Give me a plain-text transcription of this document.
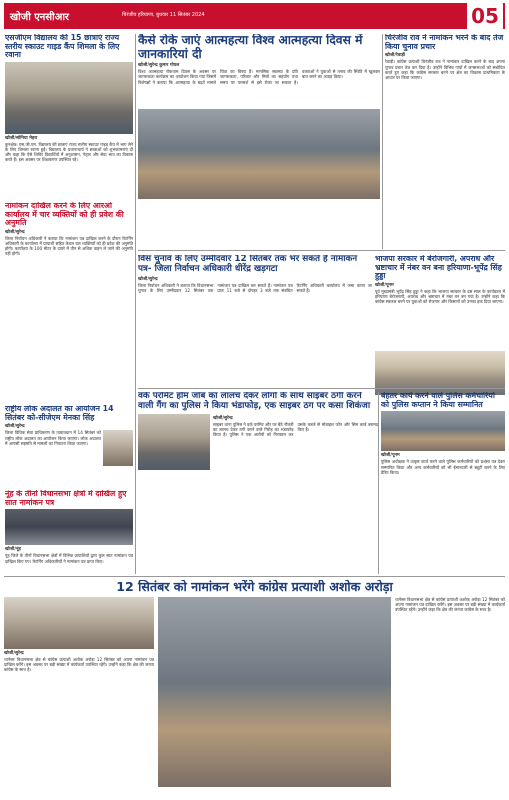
खोजी एनसीआर	चिरंजीव हरियाणा, बुधवार 11 सितंबर 2024	05
एसजीएम विद्यालय की 15 छात्राएं राज्य स्तरीय स्काउट गाइड कैंप शिमला के लिए रवाना
खोजी/सोनिया मेहरा
कुरुक्षेत्र। एस.जी.एम. विद्यालय की छात्राएं राज्य स्तरीय स्काउट गाइड कैंप में भाग लेने के लिए शिमला रवाना हुईं। विद्यालय के प्रधानाचार्य ने छात्राओं को शुभकामनाएं दीं और कहा कि ऐसे शिविर विद्यार्थियों में अनुशासन, नेतृत्व और सेवा भाव का विकास करते हैं। इस अवसर पर शिक्षकगण उपस्थित रहे।
नामांकन दाखिल करने के लिए आरओ कार्यालय में चार व्यक्तियों को ही प्रवेश की अनुमति
खोजी/सुरेन्द्र
जिला निर्वाचन अधिकारी ने बताया कि नामांकन पत्र दाखिल करने के दौरान रिटर्निंग अधिकारी के कार्यालय में प्रत्याशी सहित केवल चार व्यक्तियों को ही प्रवेश की अनुमति होगी। कार्यालय के 100 मीटर के दायरे में तीन से अधिक वाहन ले जाने की अनुमति नहीं होगी।
राष्ट्रीय लोक अदालत का आयोजन 14 सितंबर को-सीजेएम मेनका सिंह
खोजी/सुरेन्द्र
जिला विधिक सेवा प्राधिकरण के तत्वावधान में 14 सितंबर को राष्ट्रीय लोक अदालत का आयोजन किया जाएगा। लोक अदालत में आपसी सहमति से मामलों का निपटारा किया जाएगा।
नूंह के तीनों विधानसभा क्षेत्रों में दाखिल हुए सात नामांकन पत्र
खोजी/नूंह
नूंह जिले के तीनों विधानसभा क्षेत्रों में विभिन्न प्रत्याशियों द्वारा कुल सात नामांकन पत्र दाखिल किए गए। रिटर्निंग अधिकारियों ने नामांकन पत्र प्राप्त किए।
कैसे रोके जाएं आत्महत्या विश्व आत्महत्या दिवस में जानकारियां दी
खोजी/सुरेन्द्र कुमार गोयल
विश्व आत्महत्या रोकथाम दिवस के अवसर पर जागरूकता कार्यक्रम का आयोजन किया गया जिसमें विशेषज्ञों ने बताया कि आत्महत्या के बढ़ते मामले चिंता का विषय हैं। मानसिक स्वास्थ्य के प्रति जागरूकता, परिवार और मित्रों का सहयोग तथा समय पर परामर्श से इसे रोका जा सकता है। वक्ताओं ने युवाओं से तनाव की स्थिति में खुलकर बात करने का आग्रह किया।
विस चुनाव के लिए उम्मीदवार 12 सितंबर तक भर सकते हैं नामांकन पत्र- जिला निर्वाचन अधिकारी धीरेंद्र खड़गटा
खोजी/सुरेन्द्र
जिला निर्वाचन अधिकारी ने बताया कि विधानसभा चुनाव के लिए उम्मीदवार 12 सितंबर तक नामांकन पत्र दाखिल कर सकते हैं। नामांकन पत्र प्रातः 11 बजे से दोपहर 3 बजे तक संबंधित रिटर्निंग अधिकारी कार्यालय में जमा कराए जा सकते हैं।
चिरंजीव राव ने नामांकन भरने के बाद तेज किया चुनाव प्रचार
खोजी/रेवाड़ी
रेवाड़ी। कांग्रेस प्रत्याशी चिरंजीव राव ने नामांकन दाखिल करने के बाद अपना चुनाव प्रचार तेज कर दिया है। उन्होंने विभिन्न गांवों में जनसभाओं को संबोधित करते हुए कहा कि कांग्रेस सरकार बनने पर क्षेत्र का विकास प्राथमिकता के आधार पर किया जाएगा।
भाजपा सरकार में बेरोजगारी, अपराध और भ्रष्टाचार में नंबर वन बना हरियाणा-भूपेंद्र सिंह हुड्डा
खोजी/पूनम
पूर्व मुख्यमंत्री भूपेंद्र सिंह हुड्डा ने कहा कि भाजपा सरकार के दस साल के कार्यकाल में हरियाणा बेरोजगारी, अपराध और भ्रष्टाचार में नंबर वन बन गया है। उन्होंने कहा कि कांग्रेस सरकार बनने पर युवाओं को रोजगार और किसानों को उनका हक दिया जाएगा।
वर्क परमिट होम जॉब का लालच देकर लोगों के साथ साइबर ठगी करने वाली गैंग का पुलिस ने किया भंडाफोड़, एक साइबर ठग पर कसा शिकंजा
खोजी/सुरेन्द्र
साइबर थाना पुलिस ने वर्क परमिट और घर बैठे नौकरी का लालच देकर ठगी करने वाले गिरोह का भंडाफोड़ किया है। पुलिस ने एक आरोपी को गिरफ्तार कर उसके कब्जे से मोबाइल फोन और सिम कार्ड बरामद किए हैं।
बेहतर कार्य करने वाले पुलिस कर्मचारियों को पुलिस कप्तान ने किया सम्मानित
खोजी/पूनम
पुलिस अधीक्षक ने उत्कृष्ट कार्य करने वाले पुलिस कर्मचारियों को प्रशंसा पत्र देकर सम्मानित किया और अन्य कर्मचारियों को भी ईमानदारी से ड्यूटी करने के लिए प्रेरित किया।
12 सितंबर को नामांकन भरेंगे कांग्रेस प्रत्याशी अशोक अरोड़ा
खोजी/सुरेन्द्र
थानेसर विधानसभा क्षेत्र से कांग्रेस प्रत्याशी अशोक अरोड़ा 12 सितंबर को अपना नामांकन पत्र दाखिल करेंगे। इस अवसर पर बड़ी संख्या में कार्यकर्ता उपस्थित रहेंगे। उन्होंने कहा कि क्षेत्र की जनता कांग्रेस के साथ है।
थानेसर विधानसभा क्षेत्र से कांग्रेस प्रत्याशी अशोक अरोड़ा 12 सितंबर को अपना नामांकन पत्र दाखिल करेंगे। इस अवसर पर बड़ी संख्या में कार्यकर्ता उपस्थित रहेंगे। उन्होंने कहा कि क्षेत्र की जनता कांग्रेस के साथ है।
